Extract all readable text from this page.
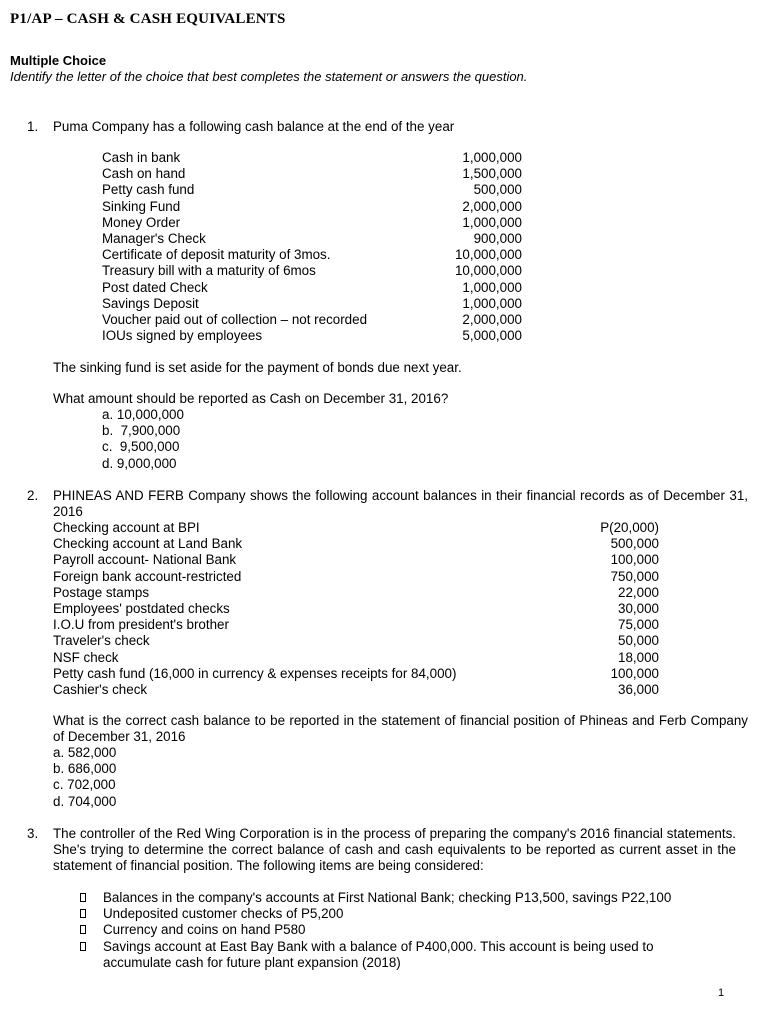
P1/AP – CASH & CASH EQUIVALENTS
Multiple Choice
Identify the letter of the choice that best completes the statement or answers the question.
1. Puma Company has a following cash balance at the end of the year
Cash in bank	1,000,000
Cash on hand	1,500,000
Petty cash fund	500,000
Sinking Fund	2,000,000
Money Order	1,000,000
Manager's Check	900,000
Certificate of deposit maturity of 3mos.	10,000,000
Treasury bill with a maturity of 6mos	10,000,000
Post dated Check	1,000,000
Savings Deposit	1,000,000
Voucher paid out of collection – not recorded	2,000,000
IOUs signed by employees	5,000,000
The sinking fund is set aside for the payment of bonds due next year.
What amount should be reported as Cash on December 31, 2016?
a. 10,000,000
b.  7,900,000
c.  9,500,000
d. 9,000,000
2. PHINEAS AND FERB Company shows the following account balances in their financial records as of December 31, 2016
Checking account at BPI	P(20,000)
Checking account at Land Bank	500,000
Payroll account- National Bank	100,000
Foreign bank account-restricted	750,000
Postage stamps	22,000
Employees' postdated checks	30,000
I.O.U from president's brother	75,000
Traveler's check	50,000
NSF check	18,000
Petty cash fund (16,000 in currency & expenses receipts for 84,000)	100,000
Cashier's check	36,000
What is the correct cash balance to be reported in the statement of financial position of Phineas and Ferb Company of December 31, 2016
a. 582,000
b. 686,000
c. 702,000
d. 704,000
3. The controller of the Red Wing Corporation is in the process of preparing the company's 2016 financial statements. She's trying to determine the correct balance of cash and cash equivalents to be reported as current asset in the statement of financial position. The following items are being considered:
Balances in the company's accounts at First National Bank; checking P13,500, savings P22,100
Undeposited customer checks of P5,200
Currency and coins on hand P580
Savings account at East Bay Bank with a balance of P400,000. This account is being used to
accumulate cash for future plant expansion (2018)
1
